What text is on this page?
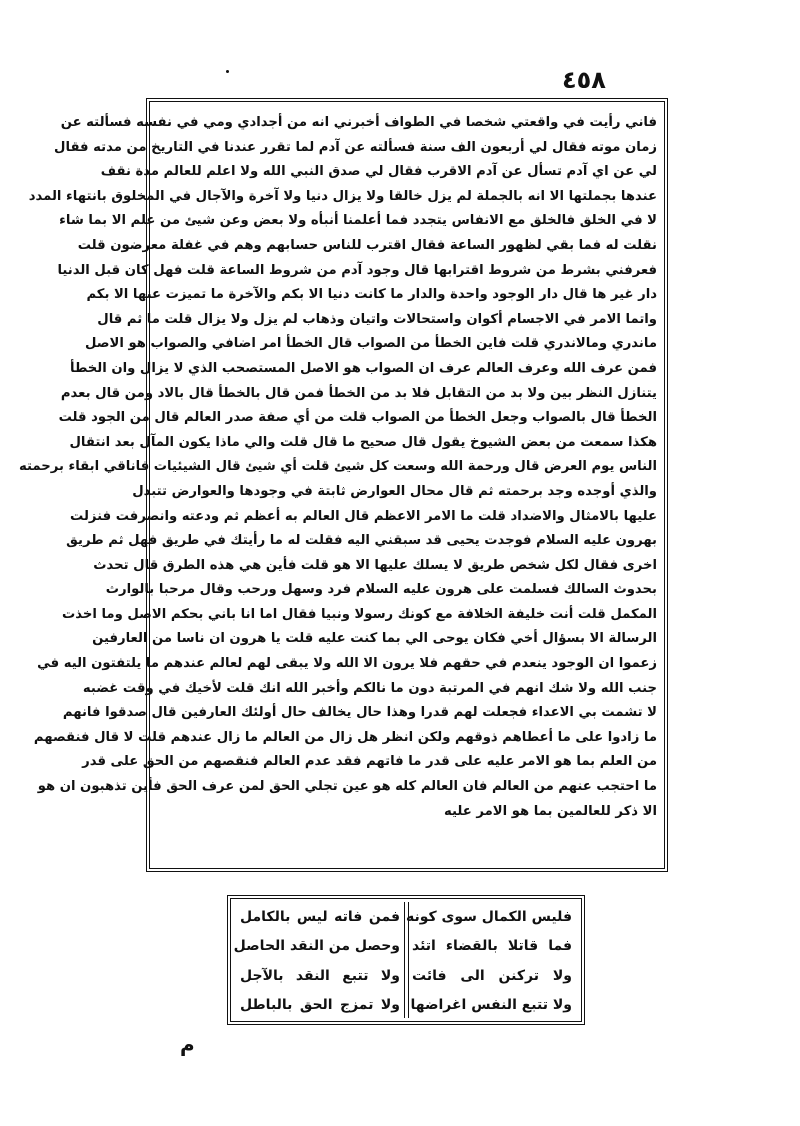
٤٥٨
فاني رأيت في واقعتي شخصا في الطواف أخبرني انه من أجدادي ومي في نفسه فسألته عن
زمان موته فقال لي أربعون الف سنة فسألته عن آدم لما تقرر عندنا في التاريخ من مدته فقال
لي عن اي آدم تسأل عن آدم الاقرب فقال لي صدق النبي الله ولا اعلم للعالم مدة نقف
عندها بجملتها الا انه بالجملة لم يزل خالقا ولا يزال دنيا ولا آخرة والآجال في المخلوق بانتهاء المدد
لا في الخلق فالخلق مع الانفاس يتجدد فما أعلمنا أنبأه ولا بعض وعن شيئ من علم الا بما شاء
نقلت له فما بقي لظهور الساعة فقال اقترب للناس حسابهم وهم في غفلة معرضون قلت
فعرفني بشرط من شروط اقترابها قال وجود آدم من شروط الساعة قلت فهل كان قبل الدنيا
دار غير ها قال دار الوجود واحدة والدار ما كانت دنيا الا بكم والآخرة ما تميزت عنها الا بكم
واتما الامر في الاجسام أكوان واستحالات واتيان وذهاب لم يزل ولا يزال قلت ما ثم قال
ماندري ومالاندري قلت فاين الخطأ من الصواب قال الخطأ امر اضافي والصواب هو الاصل
فمن عرف الله وعرف العالم عرف ان الصواب هو الاصل المستصحب الذي لا يزال وان الخطأ
يتنازل النظر بين ولا بد من التقابل فلا بد من الخطأ فمن قال بالخطأ قال بالاد ومن قال بعدم
الخطأ قال بالصواب وجعل الخطأ من الصواب قلت من أي صفة صدر العالم قال من الجود قلت
هكذا سمعت من بعض الشيوخ يقول قال صحيح ما قال قلت والي ماذا يكون المآل بعد انتقال
الناس يوم العرض قال ورحمة الله وسعت كل شيئ قلت أي شيئ قال الشيئيات فاناقي ابقاء برحمته
والذي أوجده وجد برحمته ثم قال محال العوارض ثابتة في وجودها والعوارض تتبدل
عليها بالامثال والاضداد قلت ما الامر الاعظم قال العالم به أعظم ثم ودعته وانصرفت فنزلت
بهرون عليه السلام فوجدت يحيى قد سبقني اليه فقلت له ما رأيتك في طريق فهل ثم طريق
اخرى فقال لكل شخص طريق لا يسلك عليها الا هو قلت فأين هي هذه الطرق قال تحدث
بحدوث السالك فسلمت على هرون عليه السلام فرد وسهل ورحب وقال مرحبا بالوارث
المكمل قلت أنت خليفة الخلافة مع كونك رسولا ونبيا فقال اما انا باني بحكم الاصل وما اخذت
الرسالة الا بسؤال أخي فكان يوحى الي بما كنت عليه قلت يا هرون ان ناسا من العارفين
زعموا ان الوجود ينعدم في حقهم فلا يرون الا الله ولا يبقى لهم لعالم عندهم ما يلتفتون اليه في
جنب الله ولا شك انهم في المرتبة دون ما نالكم وأخبر الله انك قلت لأخيك في وقت غضبه
لا تشمت بي الاعداء فجعلت لهم قدرا وهذا حال يخالف حال أولئك العارفين قال صدقوا فانهم
ما زادوا على ما أعطاهم ذوقهم ولكن انظر هل زال من العالم ما زال عندهم قلت لا قال فنقصهم
من العلم بما هو الامر عليه على قدر ما فاتهم فقد عدم العالم فنقصهم من الحق على قدر
ما احتجب عنهم من العالم فان العالم كله هو عين تجلي الحق لمن عرف الحق فأين تذهبون ان هو
الا ذكر للعالمين بما هو الامر عليه
فليس الكمال سوى كونه
فما قاتلا بالقضاء اتئد
ولا تركنن الى فائت
ولا تتبع النفس اغراضها
فمن فاته ليس بالكامل
وحصل من النقد الحاصل
ولا تتبع النقد بالآجل
ولا تمزج الحق بالباطل
م
